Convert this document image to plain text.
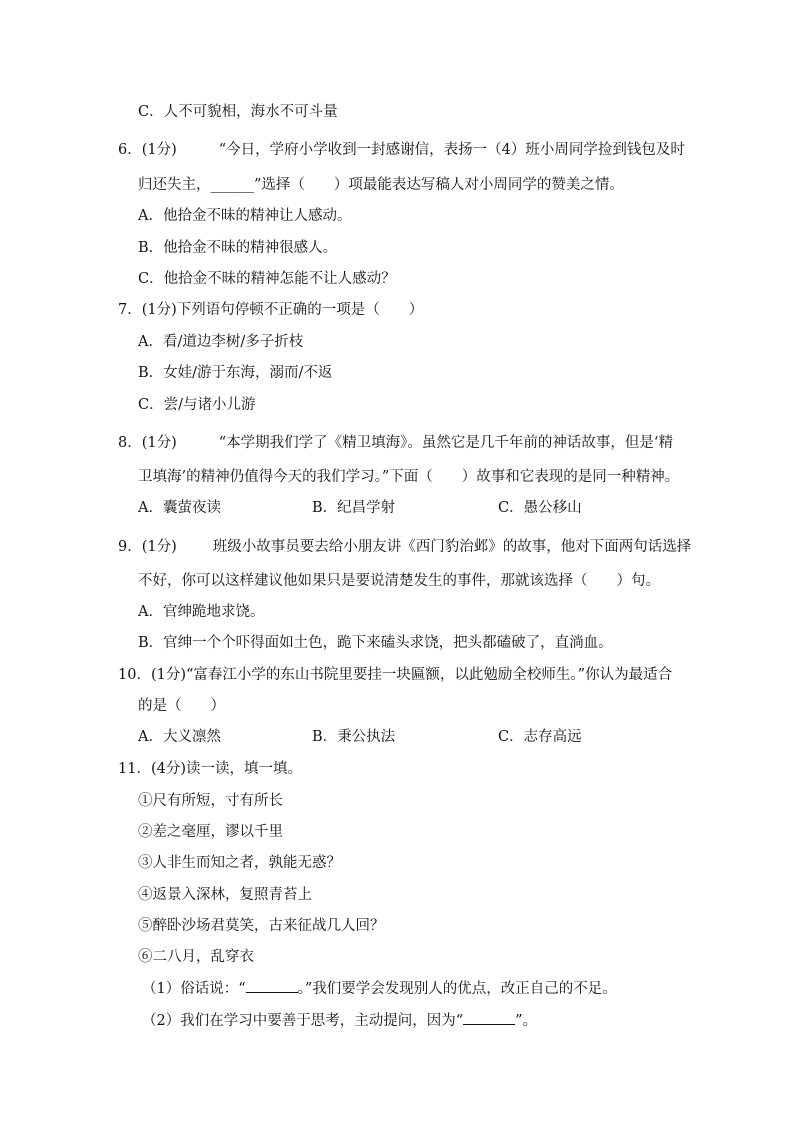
C．人不可貌相，海水不可斗量
6．(1分)	“今日，学府小学收到一封感谢信，表扬一（4）班小周同学捡到钱包及时
归还失主，______”选择（　　）项最能表达写稿人对小周同学的赞美之情。
A．他拾金不昧的精神让人感动。
B．他拾金不昧的精神很感人。
C．他拾金不昧的精神怎能不让人感动？
7．(1分)下列语句停顿不正确的一项是（　　）
A．看/道边李树/多子折枝
B．女娃/游于东海，溺而/不返
C．尝/与诸小儿游
8．(1分)	“本学期我们学了《精卫填海》。虽然它是几千年前的神话故事，但是‘精
卫填海’的精神仍值得今天的我们学习。”下面（　　）故事和它表现的是同一种精神。
A．囊萤夜读	B．纪昌学射	C．愚公移山
9．(1分) 班级小故事员要去给小朋友讲《西门豹治邺》的故事，他对下面两句话选择
不好，你可以这样建议他如果只是要说清楚发生的事件，那就该选择（　　）句。
A．官绅跪地求饶。
B．官绅一个个吓得面如土色，跪下来磕头求饶，把头都磕破了，直淌血。
10．(1分)“富春江小学的东山书院里要挂一块匾额，以此勉励全校师生。”你认为最适合
的是（　　）
A．大义凛然	B．秉公执法	C．志存高远
11．(4分)读一读，填一填。
①尺有所短，寸有所长
②差之毫厘，谬以千里
③人非生而知之者，孰能无惑？
④返景入深林，复照青苔上
⑤醉卧沙场君莫笑，古来征战几人回？
⑥二八月，乱穿衣
（1）俗话说：“	。”我们要学会发现别人的优点，改正自己的不足。
（2）我们在学习中要善于思考，主动提问，因为“	”。
